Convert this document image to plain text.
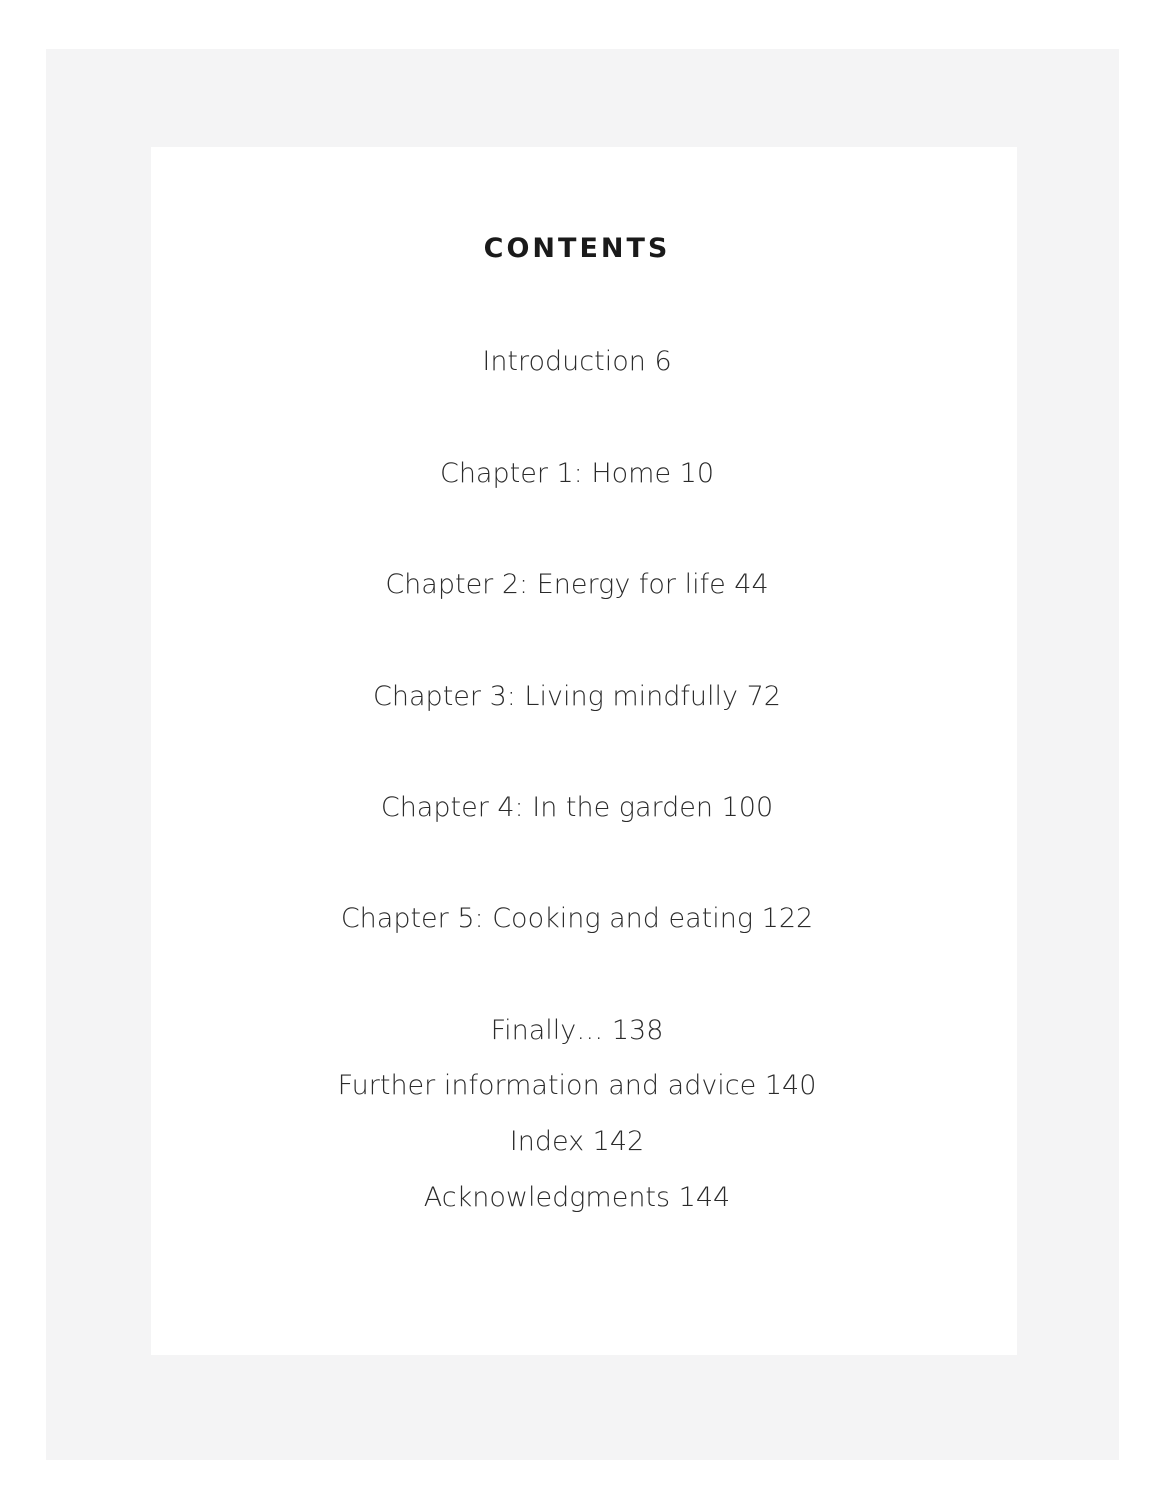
CONTENTS
Introduction 6
Chapter 1: Home 10
Chapter 2: Energy for life 44
Chapter 3: Living mindfully 72
Chapter 4: In the garden 100
Chapter 5: Cooking and eating 122
Finally… 138
Further information and advice 140
Index 142
Acknowledgments 144
